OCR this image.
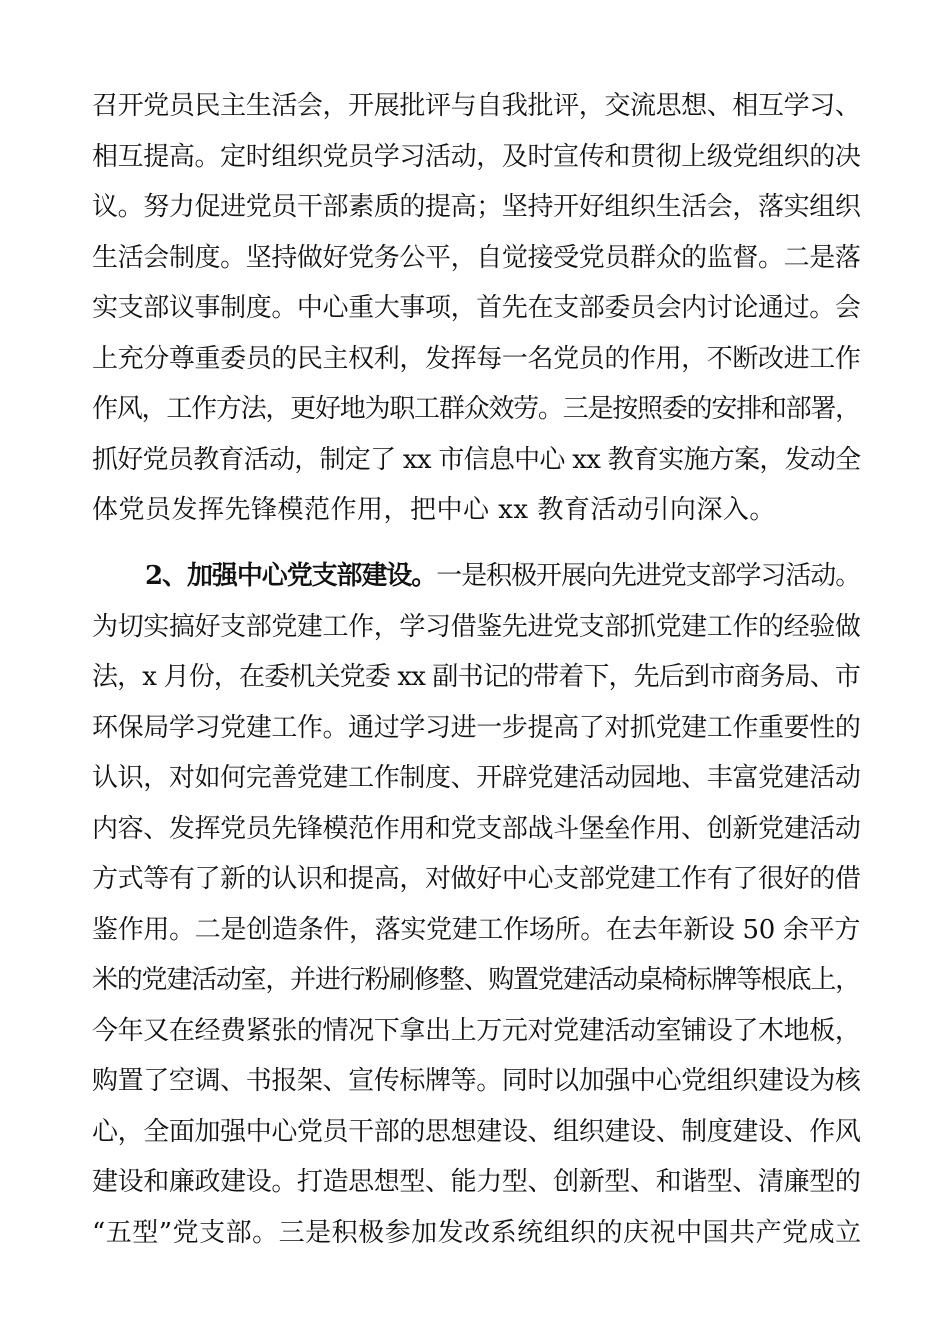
召开党员民主生活会，开展批评与自我批评，交流思想、相互学习、
相互提高。定时组织党员学习活动，及时宣传和贯彻上级党组织的决
议。努力促进党员干部素质的提高；坚持开好组织生活会，落实组织
生活会制度。坚持做好党务公平，自觉接受党员群众的监督。二是落
实支部议事制度。中心重大事项，首先在支部委员会内讨论通过。会
上充分尊重委员的民主权利，发挥每一名党员的作用，不断改进工作
作风，工作方法，更好地为职工群众效劳。三是按照委的安排和部署，
抓好党员教育活动，制定了 xx 市信息中心 xx 教育实施方案，发动全
体党员发挥先锋模范作用，把中心 xx 教育活动引向深入。
2、加强中心党支部建设。一是积极开展向先进党支部学习活动。
为切实搞好支部党建工作，学习借鉴先进党支部抓党建工作的经验做
法，x 月份，在委机关党委 xx 副书记的带着下，先后到市商务局、市
环保局学习党建工作。通过学习进一步提高了对抓党建工作重要性的
认识，对如何完善党建工作制度、开辟党建活动园地、丰富党建活动
内容、发挥党员先锋模范作用和党支部战斗堡垒作用、创新党建活动
方式等有了新的认识和提高，对做好中心支部党建工作有了很好的借
鉴作用。二是创造条件，落实党建工作场所。在去年新设 50 余平方
米的党建活动室，并进行粉刷修整、购置党建活动桌椅标牌等根底上，
今年又在经费紧张的情况下拿出上万元对党建活动室铺设了木地板，
购置了空调、书报架、宣传标牌等。同时以加强中心党组织建设为核
心，全面加强中心党员干部的思想建设、组织建设、制度建设、作风
建设和廉政建设。打造思想型、能力型、创新型、和谐型、清廉型的
“五型”党支部。三是积极参加发改系统组织的庆祝中国共产党成立
